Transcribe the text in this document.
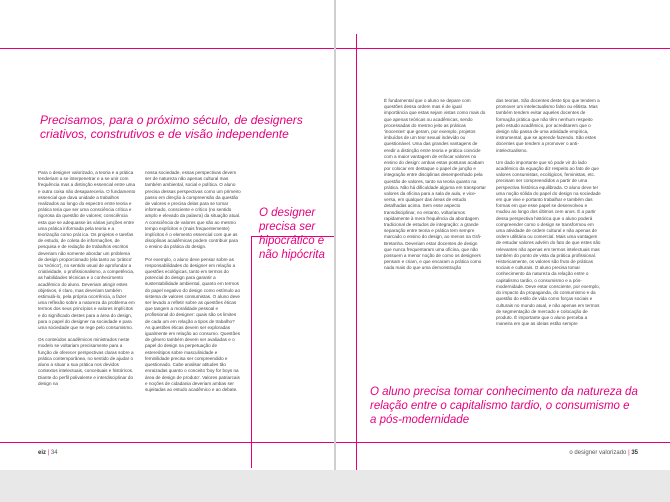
Precisamos, para o próximo século, de designers criativos, construtivos e de visão independente

Para o designer valorizado, a teoria e a prática tenderiam a se interpenetrar e a se unir com frequência mas a distinção essencial entre uma e outra coisa não desapareceria. O fundamento essencial que dava unidade a trabalhos realizados ao longo do espectro entre teoria e prática teria que ser uma consciência crítica e rigorosa da questão de valores; consciência esta que se adequasse às várias junções entre uma prática informada pela teoria e a teorização como prát ica. Os projetos e tarefas de estudo, de coleta de informações, de pesquisa e de redação de trabalhos escritos deveriam não somente abordar um problema de design proporcionado (ela tanto ao 'prático' ou 'teórico'), no sentido usual de aprofundar a criatividade, o profissionalismo, a competência, as habilidades técnicas e o conhecimento acadêmico do aluno. Deveriam atingir estes objetivos, é claro, mas deveriam também estimulá-lo, pela própria ocorrência, a fazer uma reflexão sobre a natureza da problema em termos dos seus princípios e valores implícitos e do significado destes para a área do design, para o papel do designer na sociedade e para uma sociedade que se rege pelo consumismo.

Os conteúdos acadêmicos ministrados neste modelo se voltariam precisamente para a função de oferecer perspectivas claras sobre a prática contemporânea, no sentido de ajudar o aluno a situar a sua prática nos devidos contextos intelectuais, conceituais e históricos. Diante do perfil polivalente e interdisciplinar do design na

nossa sociedade, essas perspectivas devem ser de natureza não apenas cultural mas também ambiental, social e política. O aluno precisa dessas perspectivas como um primeiro passo em direção à compreensão da questão de valores e precisa delas para se tornar informado, consciente e crítico (no sentido amplo e elevado da palavra) da situação atual. A consciência de valores que são ao mesmo tempo explícitos e (mais frequentemente) implícitos é o elemento essencial com que as disciplinas acadêmicas podem contribuir para o ensino da prática do design.

Por exemplo, o aluno deve pensar sobre as responsabilidades do designer em relação a questões ecológicas, tanto em termos do potencial do design para garantir a sustentabilidade ambiental, quanto em termos do papel negativo do design como estímulo ao sistema de valores consumistas. O aluno deve ser levado a refletir sobre as questões éticas que tangem a moralidade pessoal e profissional do designer: quais são os limites de cada um em relação a tipos de trabalho? As questões éticas devem ser exploradas igualmente em relação ao consumo. Questões de gênero também devem ser avaliadas e o papel do design na perpetuação de estereótipos sobre masculinidade e feminilidade precisa ser compreendido e questionado. Cabe analisar atitudes tão enraizadas quanto o conceito 'boy for boys na área de design de produto'. Valores patriarcais e noções de cidadania deveriam ambas ser sujeitadas ao estudo acadêmico e ao debate.

O designer precisa ser hipocrático e não hipócrita

eiz | 34

É fundamental que o aluno se depare com questões dessa ordem mas é de igual importância que estas sejam vistas como mais do que apenas teóricas ou acadêmicas, sendo processadas do mesmo jeito as práticas 'inocentes' que geram, por exemplo, projetos imbuídos de um teor sexual indevido ou questionável. Uma das grandes vantagens de eredir a distinção entre teoria e prática coincide com a maior vantagem de enfocar valores no ensino do design: ambas estas posturas acabam por colocar em destaque o papel de junção e integração entre disciplinas desempenhado pela questão de valores, tanto na teoria quanto na prática. Não há dificuldade alguma em transportar valores da oficina para a sala de aula, e vice-versa, em qualquer das áreas de estudo detalhadas acima. Sem esse aspecto transdisciplinar, no entanto, voltaríamos rapidamente à mera frequência da abordagem tradicional de estudos de integração: a grande separação entre teoria e prática tem sempre marcado o ensino do design, ao menos na Grã-Bretanha. Deveriam estar docentes de design que nunca frequentaram uma oficina, que não possuem a menor noção de como os designers pensam e criam, e que encaram a prática como nada mais do que uma demonstração

das teorias. São docentes deste tipo que tendem a promover um intelectualismo falso ou elitista. Mas também tendem evitar aqueles docentes de formação prática que não têm nenhum respeito pelo estudo acadêmico, por acreditarem que o design não passa de uma atividade empírica, instrumental, que se aprende fazendo. São estes docentes que tendem a promover o anti-intelectualismo.

Um dado importante que só pode vir do lado acadêmico da equação diz respeito ao fato de que valores consumistas, ecológicos, feministas, etc. precisam ser compreendidos a partir de uma perspectiva histórica equilibrada. O aluno deve ter uma noção sólida do papel do design na sociedade em que vive e portanto trabalhar e também das formas em que esse papel se desenvolveu e mudou ao longo dos últimos cem anos. É a partir dessa perspectiva histórica que o aluno poderá compreender como o design se transformou em uma atividade de ordem cultural e não apenas de ordem utilitária ou comercial. Mais uma vantagem de estudar valores advém do fato de que estes são relevantes não apenas em termos intelectuais mas também do ponto de vista da prática profissional. Historicamente, os valores são fruto de práticas sociais e culturais. O aluno precisa tomar conhecimento da natureza da relação entre o capitalismo tardio, o consumismo e a pós-modernidade. Deve estar consciente, por exemplo, do impacto da propaganda, do consumismo e da questão do estilo de vida como forças sociais e culturais no mundo atual, e não apenas em termos de segmentação de mercado e colocação de produto. É importante que o aluno perceba a maneira em que as ideias estão sempre

O aluno precisa tomar conhecimento da natureza da relação entre o capitalismo tardio, o consumismo e a pós-modernidade

o designer valorizado | 35
